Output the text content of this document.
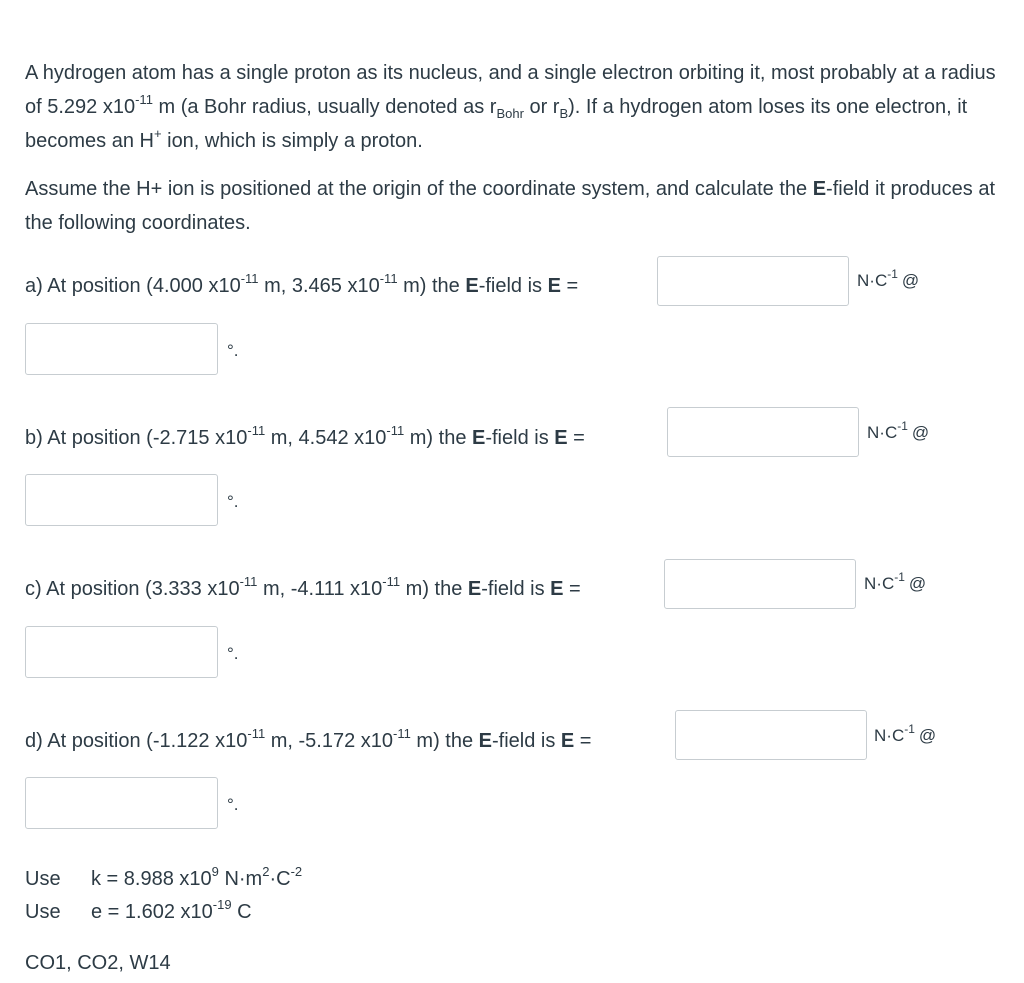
A hydrogen atom has a single proton as its nucleus, and a single electron orbiting it, most probably at a radius of 5.292 $x10^{-11}$ m (a Bohr radius, usually denoted as $r_{Bohr}$ or $r_B$). If a hydrogen atom loses its one electron, it becomes an H+ ion, which is simply a proton.

Assume the H+ ion is positioned at the origin of the coordinate system, and calculate the E-field it produces at the following coordinates.

a) At position (4.000 $x10^{-11}$ m, 3.465 $x10^{-11}$ m) the E-field is E =	$N\cdot C^{-1}$ @
°.
b) At position (-2.715 $x10^{-11}$ m, 4.542 $x10^{-11}$ m) the E-field is E =	$N\cdot C^{-1}$ @
°.
c) At position (3.333 $x10^{-11}$ m, -4.111 $x10^{-11}$ m) the E-field is E =	$N\cdot C^{-1}$ @
°.
d) At position (-1.122 $x10^{-11}$ m, -5.172 $x10^{-11}$ m) the E-field is E =	$N\cdot C^{-1}$ @
°.
Use k = 8.988 $x10^9$ $N\cdot m^2\cdot C^{-2}$
Use e = 1.602 $x10^{-19}$ C
CO1, CO2, W14
